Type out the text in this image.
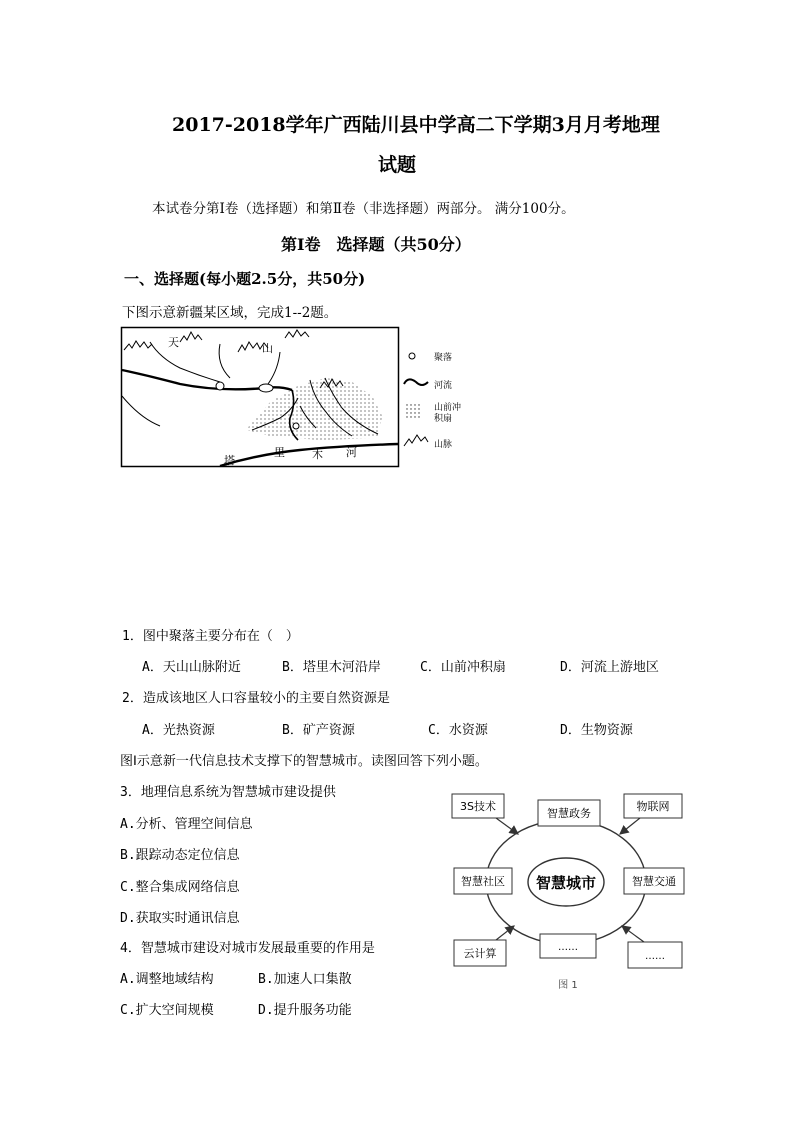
2017-2018学年广西陆川县中学高二下学期3月月考地理
试题
本试卷分第Ⅰ卷（选择题）和第Ⅱ卷（非选择题）两部分。 满分100分。
第Ⅰ卷　选择题（共50分）
一、选择题(每小题2.5分，共50分)
下图示意新疆某区域，完成1--2题。
天	山
塔
里 木 河
聚落
河流
山前冲
积扇
山脉
1．图中聚落主要分布在（　）
A．天山山脉附近	B．塔里木河沿岸	C．山前冲积扇	D．河流上游地区
2．造成该地区人口容量较小的主要自然资源是
A．光热资源	B．矿产资源	C．水资源	D．生物资源
图Ⅰ示意新一代信息技术支撑下的智慧城市。读图回答下列小题。
3．地理信息系统为智慧城市建设提供
A.分析、管理空间信息
B.跟踪动态定位信息
C.整合集成网络信息
D.获取实时通讯信息
4．智慧城市建设对城市发展最重要的作用是
A.调整地域结构	B.加速人口集散
C.扩大空间规模	D.提升服务功能
智慧城市
智慧政务
智慧社区	智慧交通
……
3S技术	物联网
云计算	……
图 1
